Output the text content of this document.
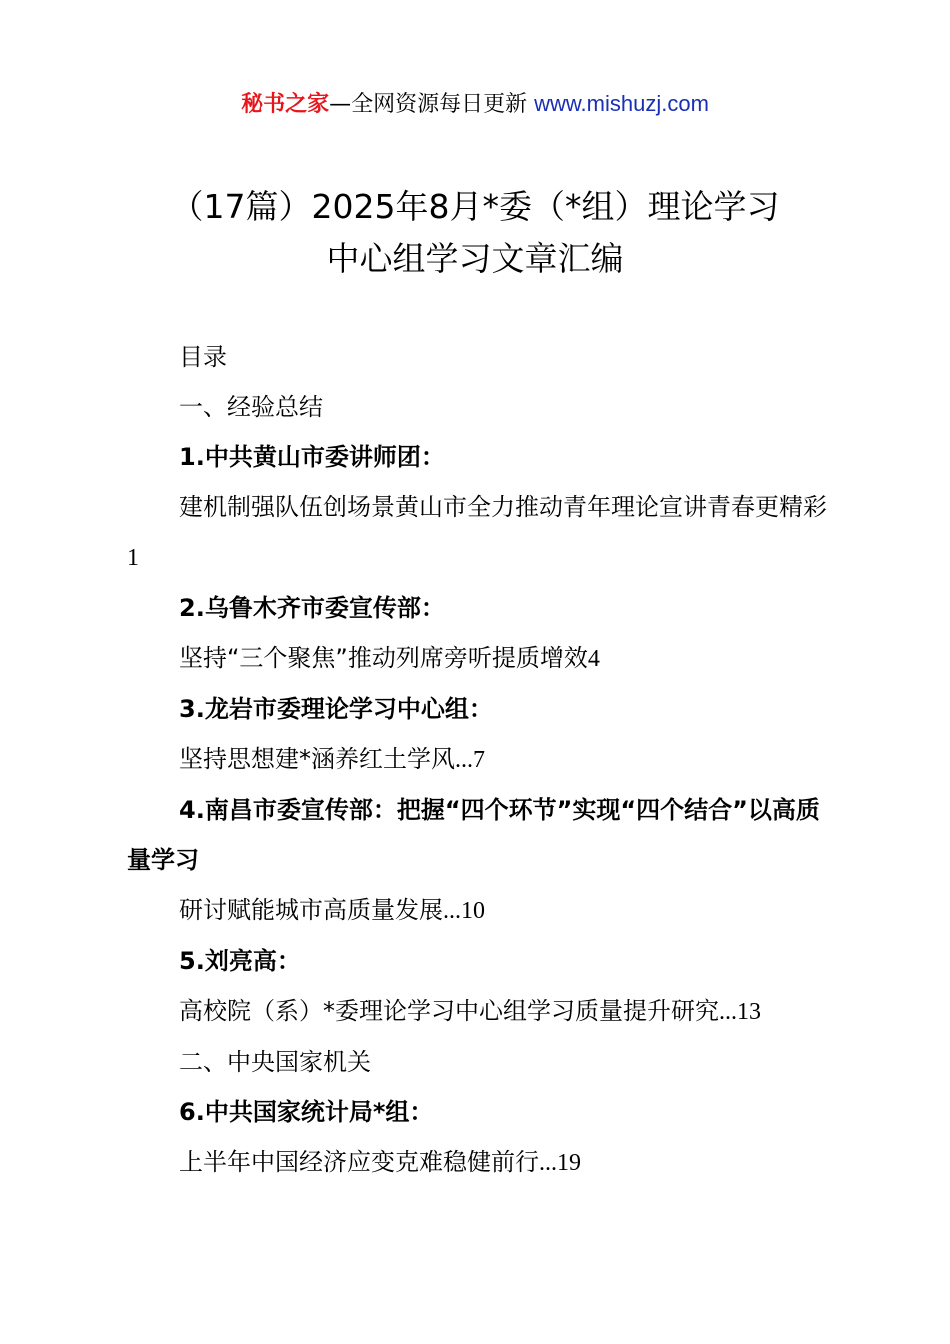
秘书之家—全网资源每日更新 www.mishuzj.com
（17篇）2025年8月*委（*组）理论学习
中心组学习文章汇编

目录

一、经验总结

1.中共黄山市委讲师团：

建机制强队伍创场景黄山市全力推动青年理论宣讲青春更精彩1

2.乌鲁木齐市委宣传部：

坚持“三个聚焦”推动列席旁听提质增效4

3.龙岩市委理论学习中心组：

坚持思想建*涵养红土学风...7

4.南昌市委宣传部：把握“四个环节”实现“四个结合”以高质量学习

研讨赋能城市高质量发展...10

5.刘亮高：

高校院（系）*委理论学习中心组学习质量提升研究...13

二、中央国家机关

6.中共国家统计局*组：

上半年中国经济应变克难稳健前行...19
